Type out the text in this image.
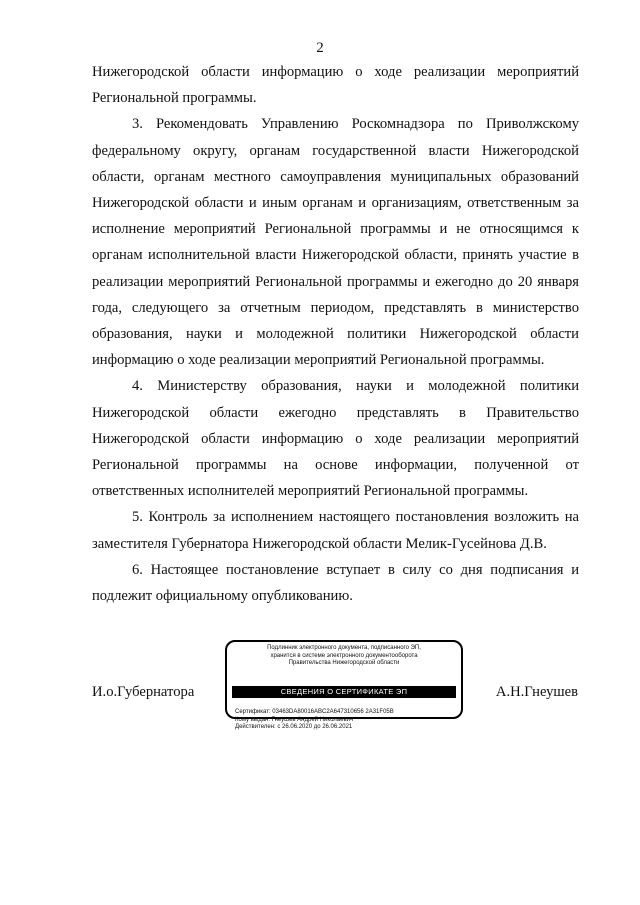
2

Нижегородской области информацию о ходе реализации мероприятий Региональной программы.

3. Рекомендовать Управлению Роскомнадзора по Приволжскому федеральному округу, органам государственной власти Нижегородской области, органам местного самоуправления муниципальных образований Нижегородской области и иным органам и организациям, ответственным за исполнение мероприятий Региональной программы и не относящимся к органам исполнительной власти Нижегородской области, принять участие в реализации мероприятий Региональной программы и ежегодно до 20 января года, следующего за отчетным периодом, представлять в министерство образования, науки и молодежной политики Нижегородской области информацию о ходе реализации мероприятий Региональной программы.

4. Министерству образования, науки и молодежной политики Нижегородской области ежегодно представлять в Правительство Нижегородской области информацию о ходе реализации мероприятий Региональной программы на основе информации, полученной от ответственных исполнителей мероприятий Региональной программы.

5. Контроль за исполнением настоящего постановления возложить на заместителя Губернатора Нижегородской области Мелик-Гусейнова Д.В.

6. Настоящее постановление вступает в силу со дня подписания и подлежит официальному опубликованию.

И.о.Губернатора
Подлинник электронного документа, подписанного ЭП,
хранится в системе электронного документооборота
Правительства Нижегородской области
СВЕДЕНИЯ О СЕРТИФИКАТЕ ЭП
Сертификат: 03463DA80016ABC2A647310656 2A31F05B
Кому выдан: Гнеушев Андрей Николаевич
Действителен: с 26.06.2020 до 26.06.2021
А.Н.Гнеушев
